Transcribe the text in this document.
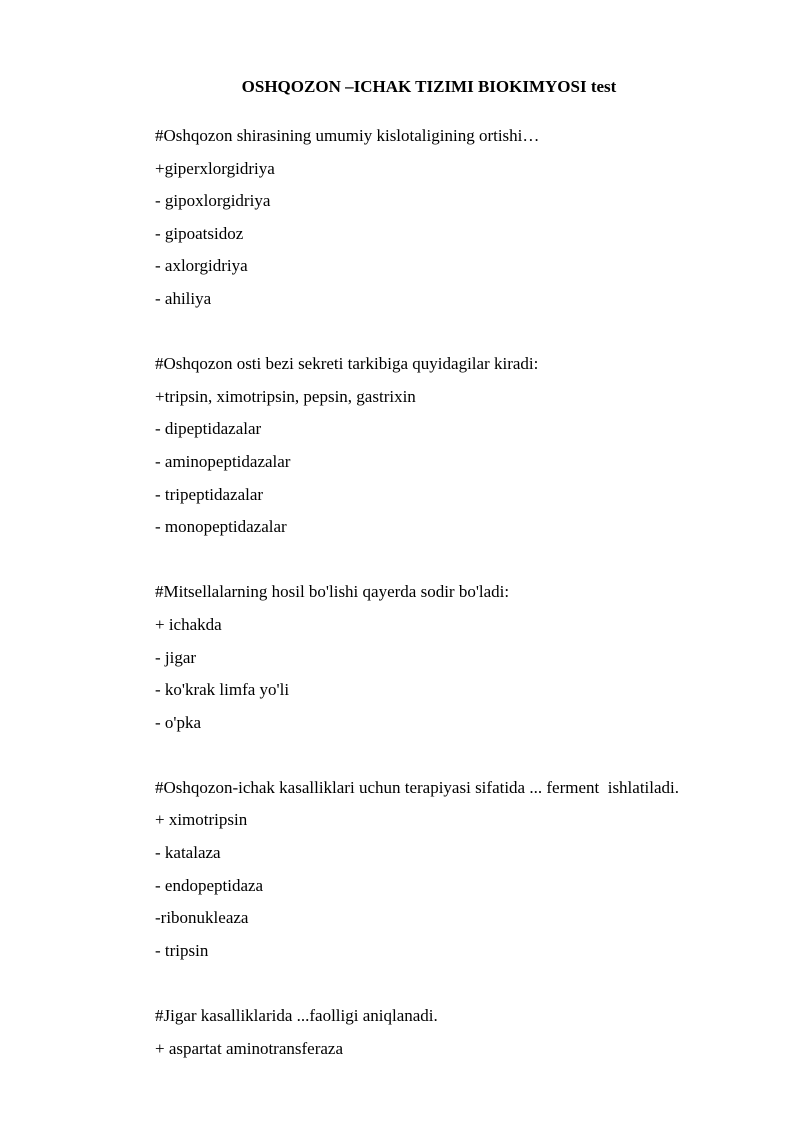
OSHQOZON –ICHAK TIZIMI BIOKIMYOSI test
#Oshqozon shirasining umumiy kislotaligining ortishi…
+giperxlorgidriya
- gipoxlorgidriya
- gipoatsidoz
- axlorgidriya
- ahiliya
#Oshqozon osti bezi sekreti tarkibiga quyidagilar kiradi:
+tripsin, ximotripsin, pepsin, gastrixin
- dipeptidazalar
- aminopeptidazalar
- tripeptidazalar
- monopeptidazalar
#Mitsellalarning hosil bo'lishi qayerda sodir bo'ladi:
+ ichakda
- jigar
- ko'krak limfa yo'li
- o'pka
#Oshqozon-ichak kasalliklari uchun terapiyasi sifatida ... ferment  ishlatiladi.
+ ximotripsin
- katalaza
- endopeptidaza
-ribonukleaza
- tripsin
#Jigar kasalliklarida ...faolligi aniqlanadi.
+ aspartat aminotransferaza
